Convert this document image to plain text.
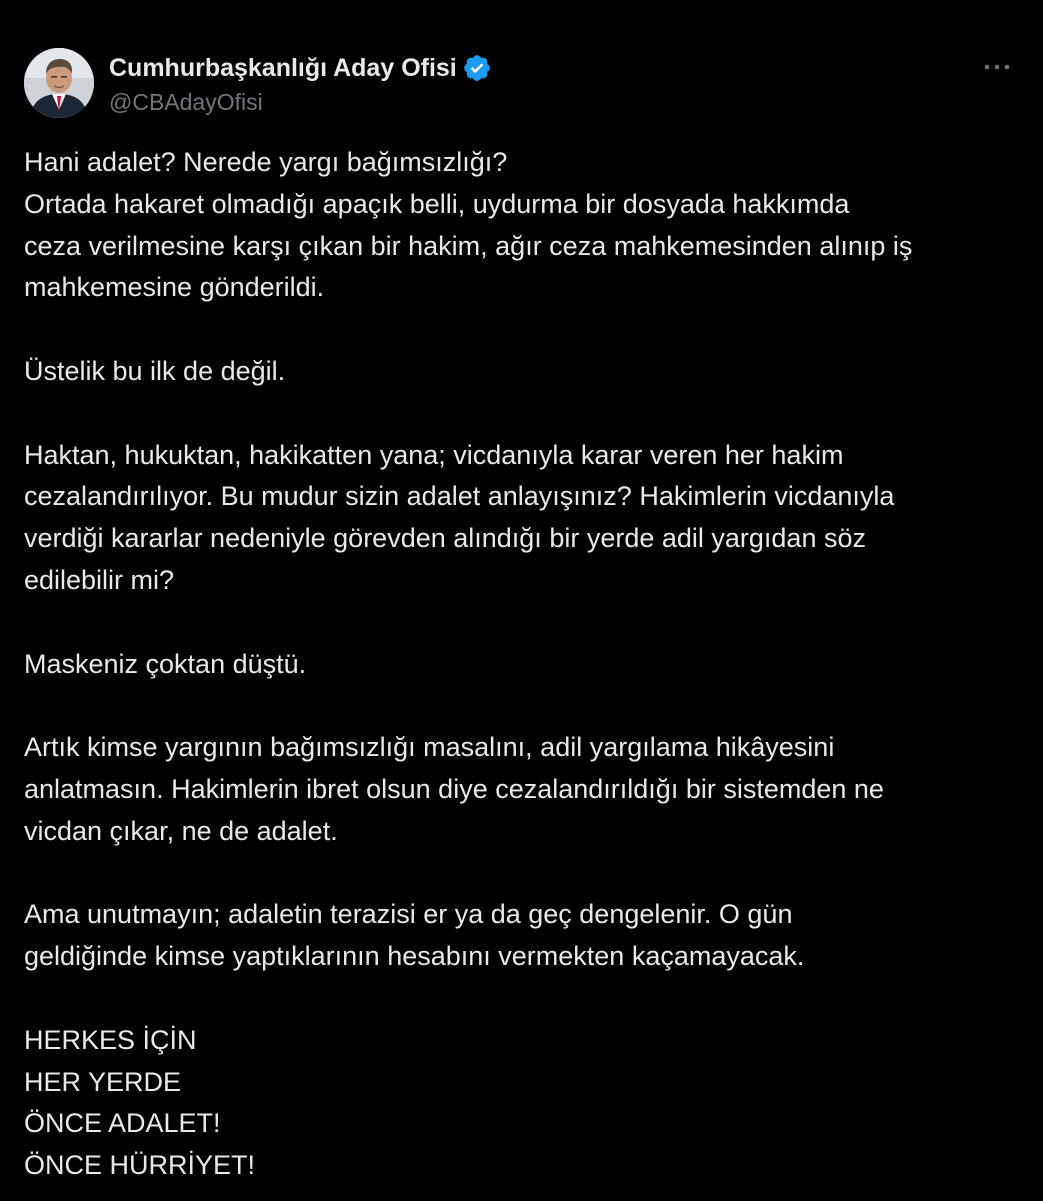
Cumhurbaşkanlığı Aday Ofisi
@CBAdayOfisi

Hani adalet? Nerede yargı bağımsızlığı?
Ortada hakaret olmadığı apaçık belli, uydurma bir dosyada hakkımda
ceza verilmesine karşı çıkan bir hakim, ağır ceza mahkemesinden alınıp iş
mahkemesine gönderildi.

Üstelik bu ilk de değil.

Haktan, hukuktan, hakikatten yana; vicdanıyla karar veren her hakim
cezalandırılıyor. Bu mudur sizin adalet anlayışınız? Hakimlerin vicdanıyla
verdiği kararlar nedeniyle görevden alındığı bir yerde adil yargıdan söz
edilebilir mi?

Maskeniz çoktan düştü.

Artık kimse yargının bağımsızlığı masalını, adil yargılama hikâyesini
anlatmasın. Hakimlerin ibret olsun diye cezalandırıldığı bir sistemden ne
vicdan çıkar, ne de adalet.

Ama unutmayın; adaletin terazisi er ya da geç dengelenir. O gün
geldiğinde kimse yaptıklarının hesabını vermekten kaçamayacak.

HERKES İÇİN
HER YERDE
ÖNCE ADALET!
ÖNCE HÜRRİYET!
